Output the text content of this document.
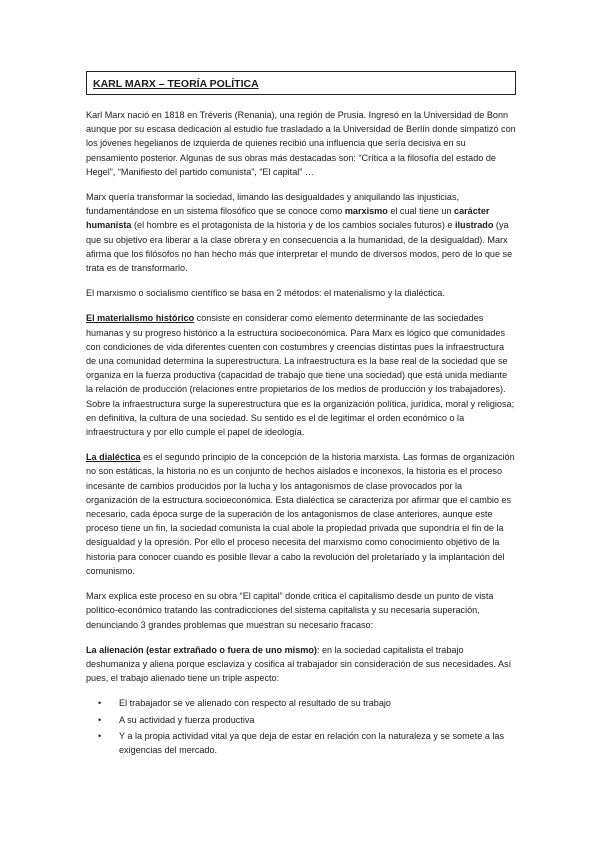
KARL MARX – TEORÍA POLÍTICA

Karl Marx nació en 1818 en Tréveris (Renania), una región de Prusia. Ingresó en la Universidad de Bonn aunque por su escasa dedicación al estudio fue trasladado a la Universidad de Berlín donde simpatizó con los jóvenes hegelianos de izquierda de quienes recibió una influencia que sería decisiva en su pensamiento posterior. Algunas de sus obras más destacadas son: “Crítica a la filosofía del estado de Hegel”, “Manifiesto del partido comunista”, “El capital” …

Marx quería transformar la sociedad, limando las desigualdades y aniquilando las injusticias, fundamentándose en un sistema filosófico que se conoce como marxismo el cual tiene un carácter humanista (el hombre es el protagonista de la historia y de los cambios sociales futuros) e ilustrado (ya que su objetivo era liberar a la clase obrera y en consecuencia a la humanidad, de la desigualdad). Marx afirma que los filósofos no han hecho más que interpretar el mundo de diversos modos, pero de lo que se trata es de transformarlo.

El marxismo o socialismo científico se basa en 2 métodos: el materialismo y la dialéctica.

El materialismo histórico consiste en considerar como elemento determinante de las sociedades humanas y su progreso histórico a la estructura socioeconómica. Para Marx es lógico que comunidades con condiciones de vida diferentes cuenten con costumbres y creencias distintas pues la infraestructura de una comunidad determina la superestructura. La infraestructura es la base real de la sociedad que se organiza en la fuerza productiva (capacidad de trabajo que tiene una sociedad) que está unida mediante la relación de producción (relaciones entre propietarios de los medios de producción y los trabajadores). Sobre la infraestructura surge la superestructura que es la organización política, jurídica, moral y religiosa; en definitiva, la cultura de una sociedad. Su sentido es el de legitimar el orden económico o la infraestructura y por ello cumple el papel de ideología.

La dialéctica es el segundo principio de la concepción de la historia marxista. Las formas de organización no son estáticas, la historia no es un conjunto de hechos aislados e inconexos, la historia es el proceso incesante de cambios producidos por la lucha y los antagonismos de clase provocados por la organización de la estructura socioeconómica. Esta dialéctica se caracteriza por afirmar que el cambio es necesario, cada época surge de la superación de los antagonismos de clase anteriores, aunque este proceso tiene un fin, la sociedad comunista la cual abole la propiedad privada que supondría el fin de la desigualdad y la opresión. Por ello el proceso necesita del marxismo como conocimiento objetivo de la historia para conocer cuando es posible llevar a cabo la revolución del proletariado y la implantación del comunismo.

Marx explica este proceso en su obra “El capital” donde critica el capitalismo desde un punto de vista político-económico tratando las contradicciones del sistema capitalista y su necesaria superación, denunciando 3 grandes problemas que muestran su necesario fracaso:

La alienación (estar extrañado o fuera de uno mismo): en la sociedad capitalista el trabajo deshumaniza y aliena porque esclaviza y cosifica al trabajador sin consideración de sus necesidades. Así pues, el trabajo alienado tiene un triple aspecto:

• El trabajador se ve alienado con respecto al resultado de su trabajo
• A su actividad y fuerza productiva
• Y a la propia actividad vital ya que deja de estar en relación con la naturaleza y se somete a las exigencias del mercado.
